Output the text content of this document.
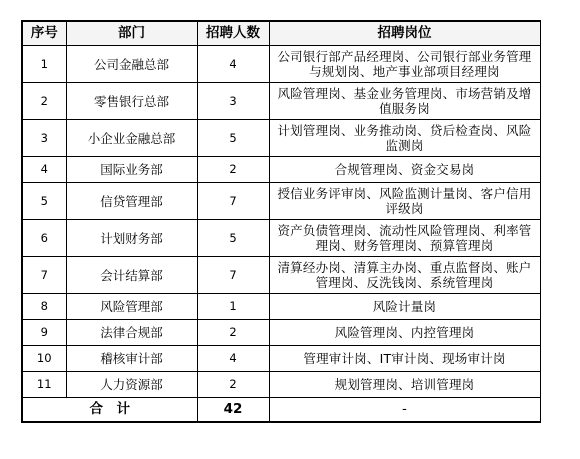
序号	部门	招聘人数	招聘岗位
1	公司金融总部	4	公司银行部产品经理岗、公司银行部业务管理与规划岗、地产事业部项目经理岗
2	零售银行总部	3	风险管理岗、基金业务管理岗、市场营销及增值服务岗
3	小企业金融总部	5	计划管理岗、业务推动岗、贷后检查岗、风险监测岗
4	国际业务部	2	合规管理岗、资金交易岗
5	信贷管理部	7	授信业务评审岗、风险监测计量岗、客户信用评级岗
6	计划财务部	5	资产负债管理岗、流动性风险管理岗、利率管理岗、财务管理岗、预算管理岗
7	会计结算部	7	清算经办岗、清算主办岗、重点监督岗、账户管理岗、反洗钱岗、系统管理岗
8	风险管理部	1	风险计量岗
9	法律合规部	2	风险管理岗、内控管理岗
10	稽核审计部	4	管理审计岗、IT审计岗、现场审计岗
11	人力资源部	2	规划管理岗、培训管理岗
合　计		42	-
